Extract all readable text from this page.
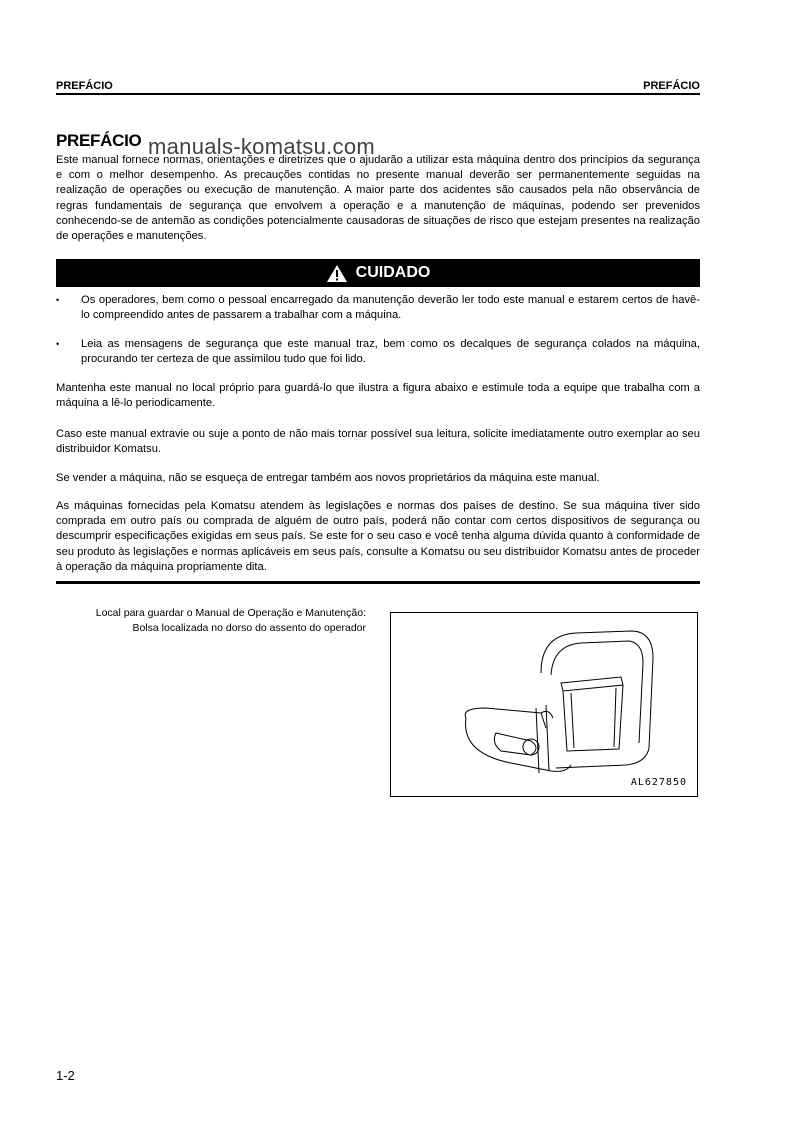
PREFÁCIO	PREFÁCIO
PREFÁCIO
Este manual fornece normas, orientações e diretrizes que o ajudarão a utilizar esta máquina dentro dos princípios da segurança e com o melhor desempenho. As precauções contidas no presente manual deverão ser permanentemente seguidas na realização de operações ou execução de manutenção. A maior parte dos acidentes são causados pela não observância de regras fundamentais de segurança que envolvem a operação e a manutenção de máquinas, podendo ser prevenidos conhecendo-se de antemão as condições potencialmente causadoras de situações de risco que estejam presentes na realização de operações e manutenções.
manuals-komatsu.com
CUIDADO
• Os operadores, bem como o pessoal encarregado da manutenção deverão ler todo este manual e estarem certos de havê-lo compreendido antes de passarem a trabalhar com a máquina.
• Leia as mensagens de segurança que este manual traz, bem como os decalques de segurança colados na máquina, procurando ter certeza de que assimilou tudo que foi lido.
Mantenha este manual no local próprio para guardá-lo que ilustra a figura abaixo e estimule toda a equipe que trabalha com a máquina a lê-lo periodicamente.
Caso este manual extravie ou suje a ponto de não mais tornar possível sua leitura, solicite imediatamente outro exemplar ao seu distribuidor Komatsu.
Se vender a máquina, não se esqueça de entregar também aos novos proprietários da máquina este manual.
As máquinas fornecidas pela Komatsu atendem às legislações e normas dos países de destino. Se sua máquina tiver sido comprada em outro país ou comprada de alguém de outro país, poderá não contar com certos dispositivos de segurança ou descumprir especificações exigidas em seus país. Se este for o seu caso e você tenha alguma dúvida quanto à conformidade de seu produto às legislações e normas aplicáveis em seus país, consulte a Komatsu ou seu distribuidor Komatsu antes de proceder à operação da máquina propriamente dita.
Local para guardar o Manual de Operação e Manutenção:
Bolsa localizada no dorso do assento do operador
AL627850
1-2
